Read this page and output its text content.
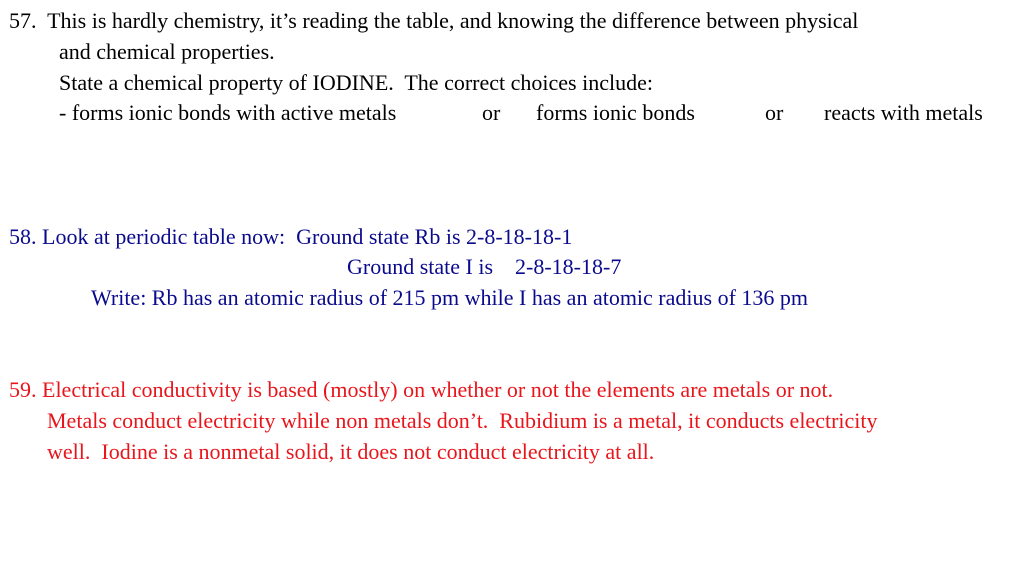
57.  This is hardly chemistry, it’s reading the table, and knowing the difference between physical

and chemical properties.

State a chemical property of IODINE.  The correct choices include:

- forms ionic bonds with active metals

	or

forms ionic bonds

	or

reacts with metals

58. Look at periodic table now:  Ground state Rb is 2-8-18-18-1

Ground state I is    2-8-18-18-7

Write: Rb has an atomic radius of 215 pm while I has an atomic radius of 136 pm

59. Electrical conductivity is based (mostly) on whether or not the elements are metals or not.

Metals conduct electricity while non metals don’t.  Rubidium is a metal, it conducts electricity

well.  Iodine is a nonmetal solid, it does not conduct electricity at all.
